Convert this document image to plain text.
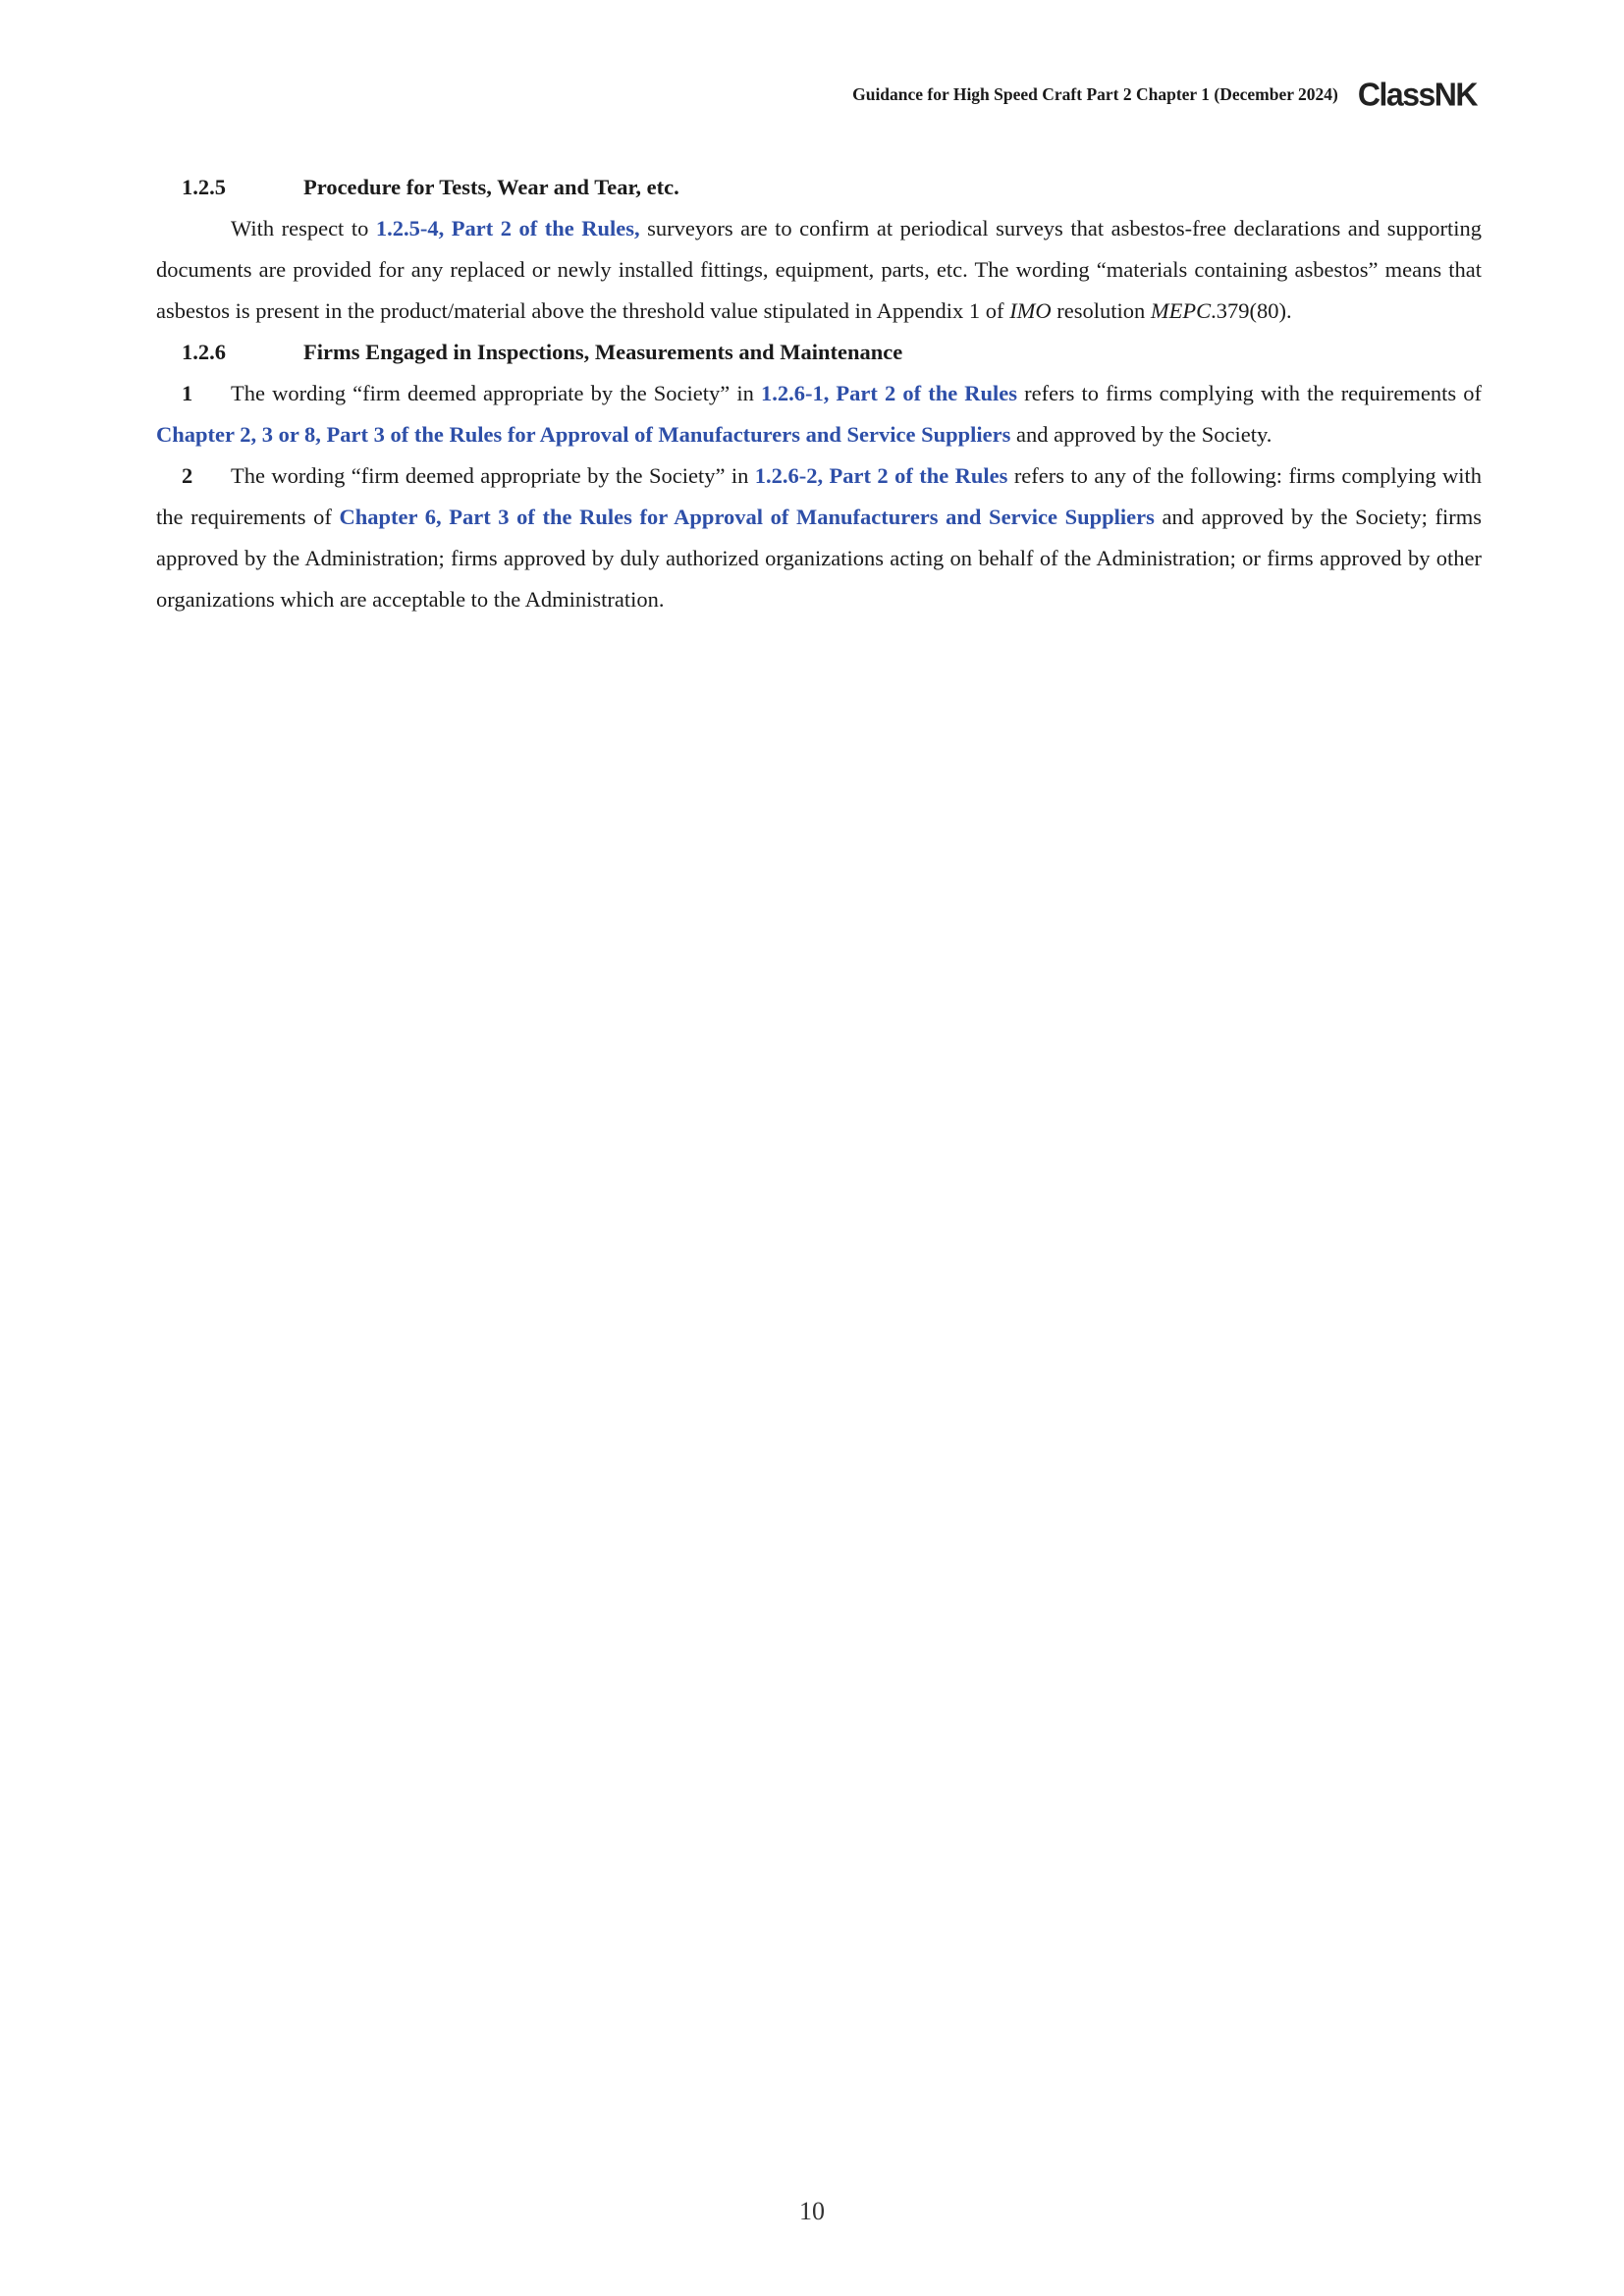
Guidance for High Speed Craft Part 2 Chapter 1 (December 2024) ClassNK
1.2.5	Procedure for Tests, Wear and Tear, etc.

With respect to 1.2.5-4, Part 2 of the Rules, surveyors are to confirm at periodical surveys that asbestos-free declarations and supporting documents are provided for any replaced or newly installed fittings, equipment, parts, etc. The wording “materials containing asbestos” means that asbestos is present in the product/material above the threshold value stipulated in Appendix 1 of IMO resolution MEPC.379(80).

1.2.6	Firms Engaged in Inspections, Measurements and Maintenance

1 The wording “firm deemed appropriate by the Society” in 1.2.6-1, Part 2 of the Rules refers to firms complying with the requirements of Chapter 2, 3 or 8, Part 3 of the Rules for Approval of Manufacturers and Service Suppliers and approved by the Society.

2 The wording “firm deemed appropriate by the Society” in 1.2.6-2, Part 2 of the Rules refers to any of the following: firms complying with the requirements of Chapter 6, Part 3 of the Rules for Approval of Manufacturers and Service Suppliers and approved by the Society; firms approved by the Administration; firms approved by duly authorized organizations acting on behalf of the Administration; or firms approved by other organizations which are acceptable to the Administration.

10
